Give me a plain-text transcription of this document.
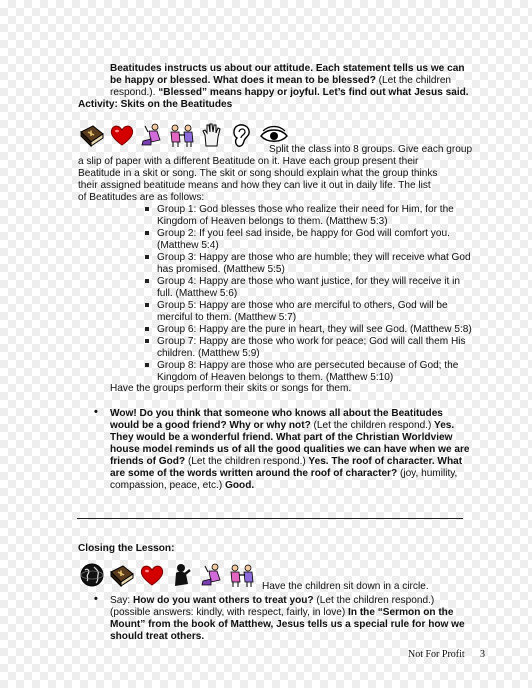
Beatitudes instructs us about our attitude. Each statement tells us we can
be happy or blessed. What does it mean to be blessed? (Let the children
respond.). “Blessed” means happy or joyful. Let’s find out what Jesus said.
Activity: Skits on the Beatitudes
Split the class into 8 groups. Give each group
a slip of paper with a different Beatitude on it. Have each group present their
Beatitude in a skit or song. The skit or song should explain what the group thinks
their assigned beatitude means and how they can live it out in daily life. The list
of Beatitudes are as follows:
Group 1: God blesses those who realize their need for Him, for the
Kingdom of Heaven belongs to them. (Matthew 5:3)
Group 2: If you feel sad inside, be happy for God will comfort you.
(Matthew 5:4)
Group 3: Happy are those who are humble; they will receive what God
has promised. (Matthew 5:5)
Group 4: Happy are those who want justice, for they will receive it in
full. (Matthew 5:6)
Group 5: Happy are those who are merciful to others, God will be
merciful to them. (Matthew 5:7)
Group 6: Happy are the pure in heart, they will see God. (Matthew 5:8)
Group 7: Happy are those who work for peace; God will call them His
children. (Matthew 5:9)
Group 8: Happy are those who are persecuted because of God; the
Kingdom of Heaven belongs to them. (Matthew 5:10)
Have the groups perform their skits or songs for them.
• Wow! Do you think that someone who knows all about the Beatitudes
would be a good friend? Why or why not? (Let the children respond.) Yes.
They would be a wonderful friend. What part of the Christian Worldview
house model reminds us of all the good qualities we can have when we are
friends of God? (Let the children respond.) Yes. The roof of character. What
are some of the words written around the roof of character? (joy, humility,
compassion, peace, etc.) Good.
Closing the Lesson:
Have the children sit down in a circle.
• Say: How do you want others to treat you? (Let the children respond.)
(possible answers: kindly, with respect, fairly, in love) In the “Sermon on the
Mount” from the book of Matthew, Jesus tells us a special rule for how we
should treat others.
Not For Profit 3
